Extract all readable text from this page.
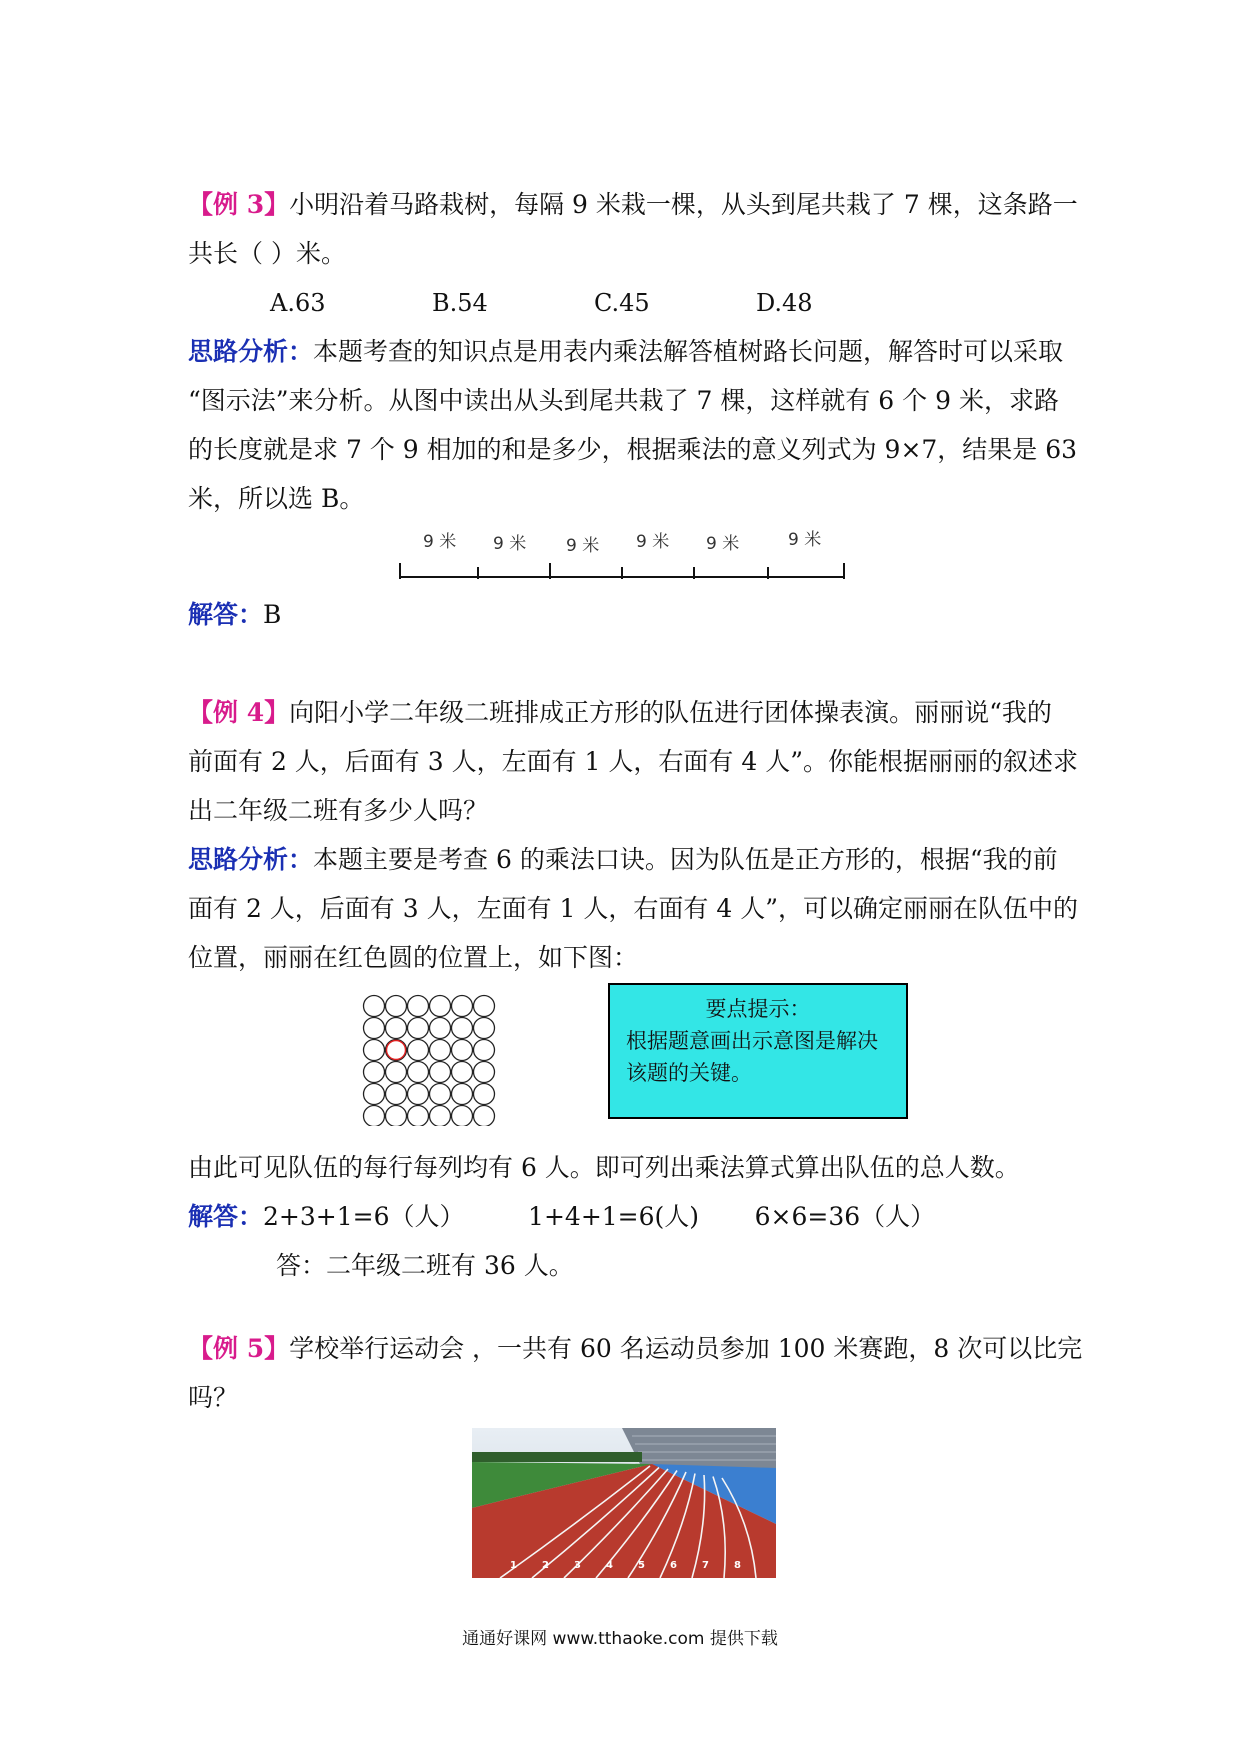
【例 3】小明沿着马路栽树，每隔 9 米栽一棵，从头到尾共栽了 7 棵，这条路一
共长（ ）米。
A.63	B.54	C.45	D.48
思路分析：本题考查的知识点是用表内乘法解答植树路长问题，解答时可以采取
“图示法”来分析。从图中读出从头到尾共栽了 7 棵，这样就有 6 个 9 米，求路
的长度就是求 7 个 9 相加的和是多少，根据乘法的意义列式为 9×7，结果是 63
米，所以选 B。
9 米 9 米 9 米 9 米 9 米	9 米
解答：B
【例 4】向阳小学二年级二班排成正方形的队伍进行团体操表演。丽丽说“我的
前面有 2 人，后面有 3 人，左面有 1 人，右面有 4 人”。你能根据丽丽的叙述求
出二年级二班有多少人吗？
思路分析：本题主要是考查 6 的乘法口诀。因为队伍是正方形的，根据“我的前
面有 2 人，后面有 3 人，左面有 1 人，右面有 4 人”，可以确定丽丽在队伍中的
位置，丽丽在红色圆的位置上，如下图：
要点提示：
根据题意画出示意图是解决该题的关键。
由此可见队伍的每行每列均有 6 人。即可列出乘法算式算出队伍的总人数。
解答：2+3+1=6（人）        1+4+1=6(人)       6×6=36（人）
答：二年级二班有 36 人。
【例 5】学校举行运动会 ，一共有 60 名运动员参加 100 米赛跑，8 次可以比完
吗？
1	2	3	4	5	6	7	8
通通好课网 www.tthaoke.com 提供下载
